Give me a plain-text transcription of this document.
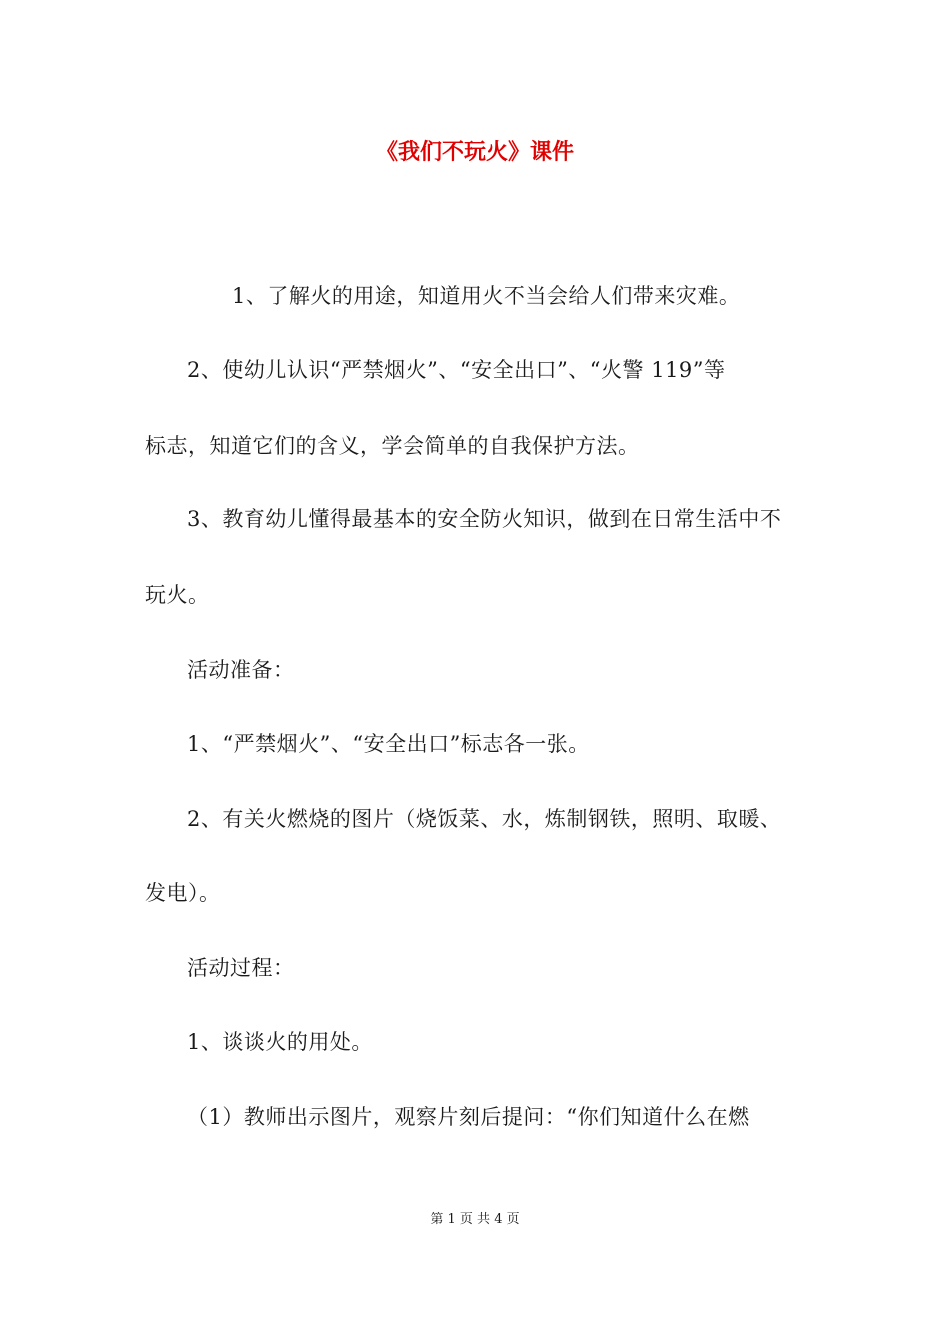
《我们不玩火》课件
1、了解火的用途，知道用火不当会给人们带来灾难。
2、使幼儿认识“严禁烟火”、“安全出口”、“火警 119”等
标志，知道它们的含义，学会简单的自我保护方法。
3、教育幼儿懂得最基本的安全防火知识，做到在日常生活中不
玩火。
活动准备：
1、“严禁烟火”、“安全出口”标志各一张。
2、有关火燃烧的图片（烧饭菜、水，炼制钢铁，照明、取暖、
发电）。
活动过程：
1、谈谈火的用处。
（1）教师出示图片，观察片刻后提问：“你们知道什么在燃
第 1 页 共 4 页
